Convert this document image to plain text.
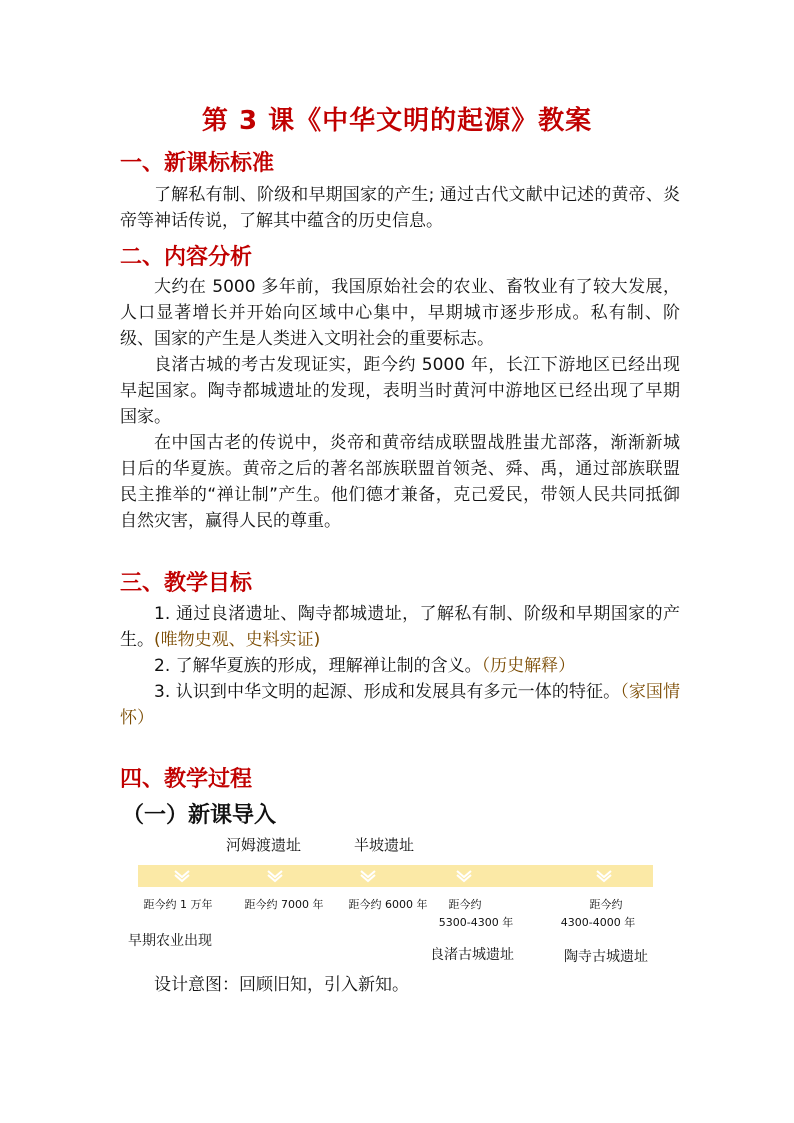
第 3 课《中华文明的起源》教案
一、新课标标准

了解私有制、阶级和早期国家的产生; 通过古代文献中记述的黄帝、炎帝等神话传说，了解其中蕴含的历史信息。

二、内容分析

大约在 5000 多年前，我国原始社会的农业、畜牧业有了较大发展，人口显著增长并开始向区域中心集中，早期城市逐步形成。私有制、阶级、国家的产生是人类进入文明社会的重要标志。

良渚古城的考古发现证实，距今约 5000 年，长江下游地区已经出现早起国家。陶寺都城遗址的发现，表明当时黄河中游地区已经出现了早期国家。

在中国古老的传说中，炎帝和黄帝结成联盟战胜蚩尤部落，渐渐新城日后的华夏族。黄帝之后的著名部族联盟首领尧、舜、禹，通过部族联盟民主推举的“禅让制”产生。他们德才兼备，克己爱民，带领人民共同抵御自然灾害，赢得人民的尊重。

三、教学目标

1. 通过良渚遗址、陶寺都城遗址，了解私有制、阶级和早期国家的产生。(唯物史观、史料实证)

2. 了解华夏族的形成，理解禅让制的含义。（历史解释）

3. 认识到中华文明的起源、形成和发展具有多元一体的特征。（家国情怀）

四、教学过程
（一）新课导入
河姆渡遗址	半坡遗址
距今约 1 万年	距今约 7000 年	距今约 6000 年	距今约
5300-4300 年
距今约
4300-4000 年
早期农业出现
良渚古城遗址	陶寺古城遗址

设计意图：回顾旧知，引入新知。
